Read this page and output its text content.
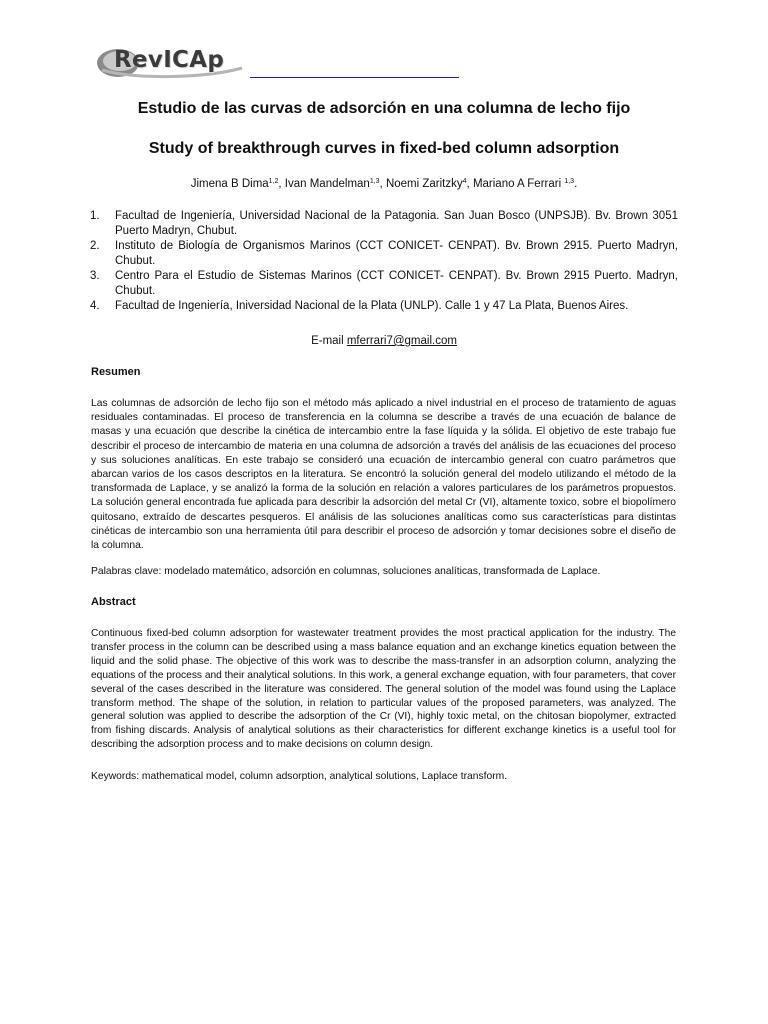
RevICAp
Estudio de las curvas de adsorción en una columna de lecho fijo
Study of breakthrough curves in fixed-bed column adsorption
Jimena B Dima$^{1,2}$, Ivan Mandelman$^{1,3}$, Noemi Zaritzky$^4$, Mariano A Ferrari $^{1,3}$.
1. Facultad de Ingeniería, Universidad Nacional de la Patagonia. San Juan Bosco (UNPSJB). Bv. Brown 3051 Puerto Madryn, Chubut.
2. Instituto de Biología de Organismos Marinos (CCT CONICET- CENPAT). Bv. Brown 2915. Puerto Madryn, Chubut.
3. Centro Para el Estudio de Sistemas Marinos (CCT CONICET- CENPAT). Bv. Brown 2915 Puerto. Madryn, Chubut.
4. Facultad de Ingeniería, Iniversidad Nacional de la Plata (UNLP). Calle 1 y 47 La Plata, Buenos Aires.
E-mail mferrari7@gmail.com
Resumen

Las columnas de adsorción de lecho fijo son el método más aplicado a nivel industrial en el proceso de tratamiento de aguas residuales contaminadas. El proceso de transferencia en la columna se describe a través de una ecuación de balance de masas y una ecuación que describe la cinética de intercambio entre la fase líquida y la sólida. El objetivo de este trabajo fue describir el proceso de intercambio de materia en una columna de adsorción a través del análisis de las ecuaciones del proceso y sus soluciones analíticas. En este trabajo se consideró una ecuación de intercambio general con cuatro parámetros que abarcan varios de los casos descriptos en la literatura. Se encontró la solución general del modelo utilizando el método de la transformada de Laplace, y se analizó la forma de la solución en relación a valores particulares de los parámetros propuestos. La solución general encontrada fue aplicada para describir la adsorción del metal Cr (VI), altamente toxico, sobre el biopolímero quitosano, extraído de descartes pesqueros. El análisis de las soluciones analíticas como sus características para distintas cinéticas de intercambio son una herramienta útil para describir el proceso de adsorción y tomar decisiones sobre el diseño de la columna.

Palabras clave: modelado matemático, adsorción en columnas, soluciones analíticas, transformada de Laplace.
Abstract

Continuous fixed-bed column adsorption for wastewater treatment provides the most practical application for the industry. The transfer process in the column can be described using a mass balance equation and an exchange kinetics equation between the liquid and the solid phase. The objective of this work was to describe the mass-transfer in an adsorption column, analyzing the equations of the process and their analytical solutions. In this work, a general exchange equation, with four parameters, that cover several of the cases described in the literature was considered. The general solution of the model was found using the Laplace transform method. The shape of the solution, in relation to particular values of the proposed parameters, was analyzed. The general solution was applied to describe the adsorption of the Cr (VI), highly toxic metal, on the chitosan biopolymer, extracted from fishing discards. Analysis of analytical solutions as their characteristics for different exchange kinetics is a useful tool for describing the adsorption process and to make decisions on column design.

Keywords: mathematical model, column adsorption, analytical solutions, Laplace transform.
